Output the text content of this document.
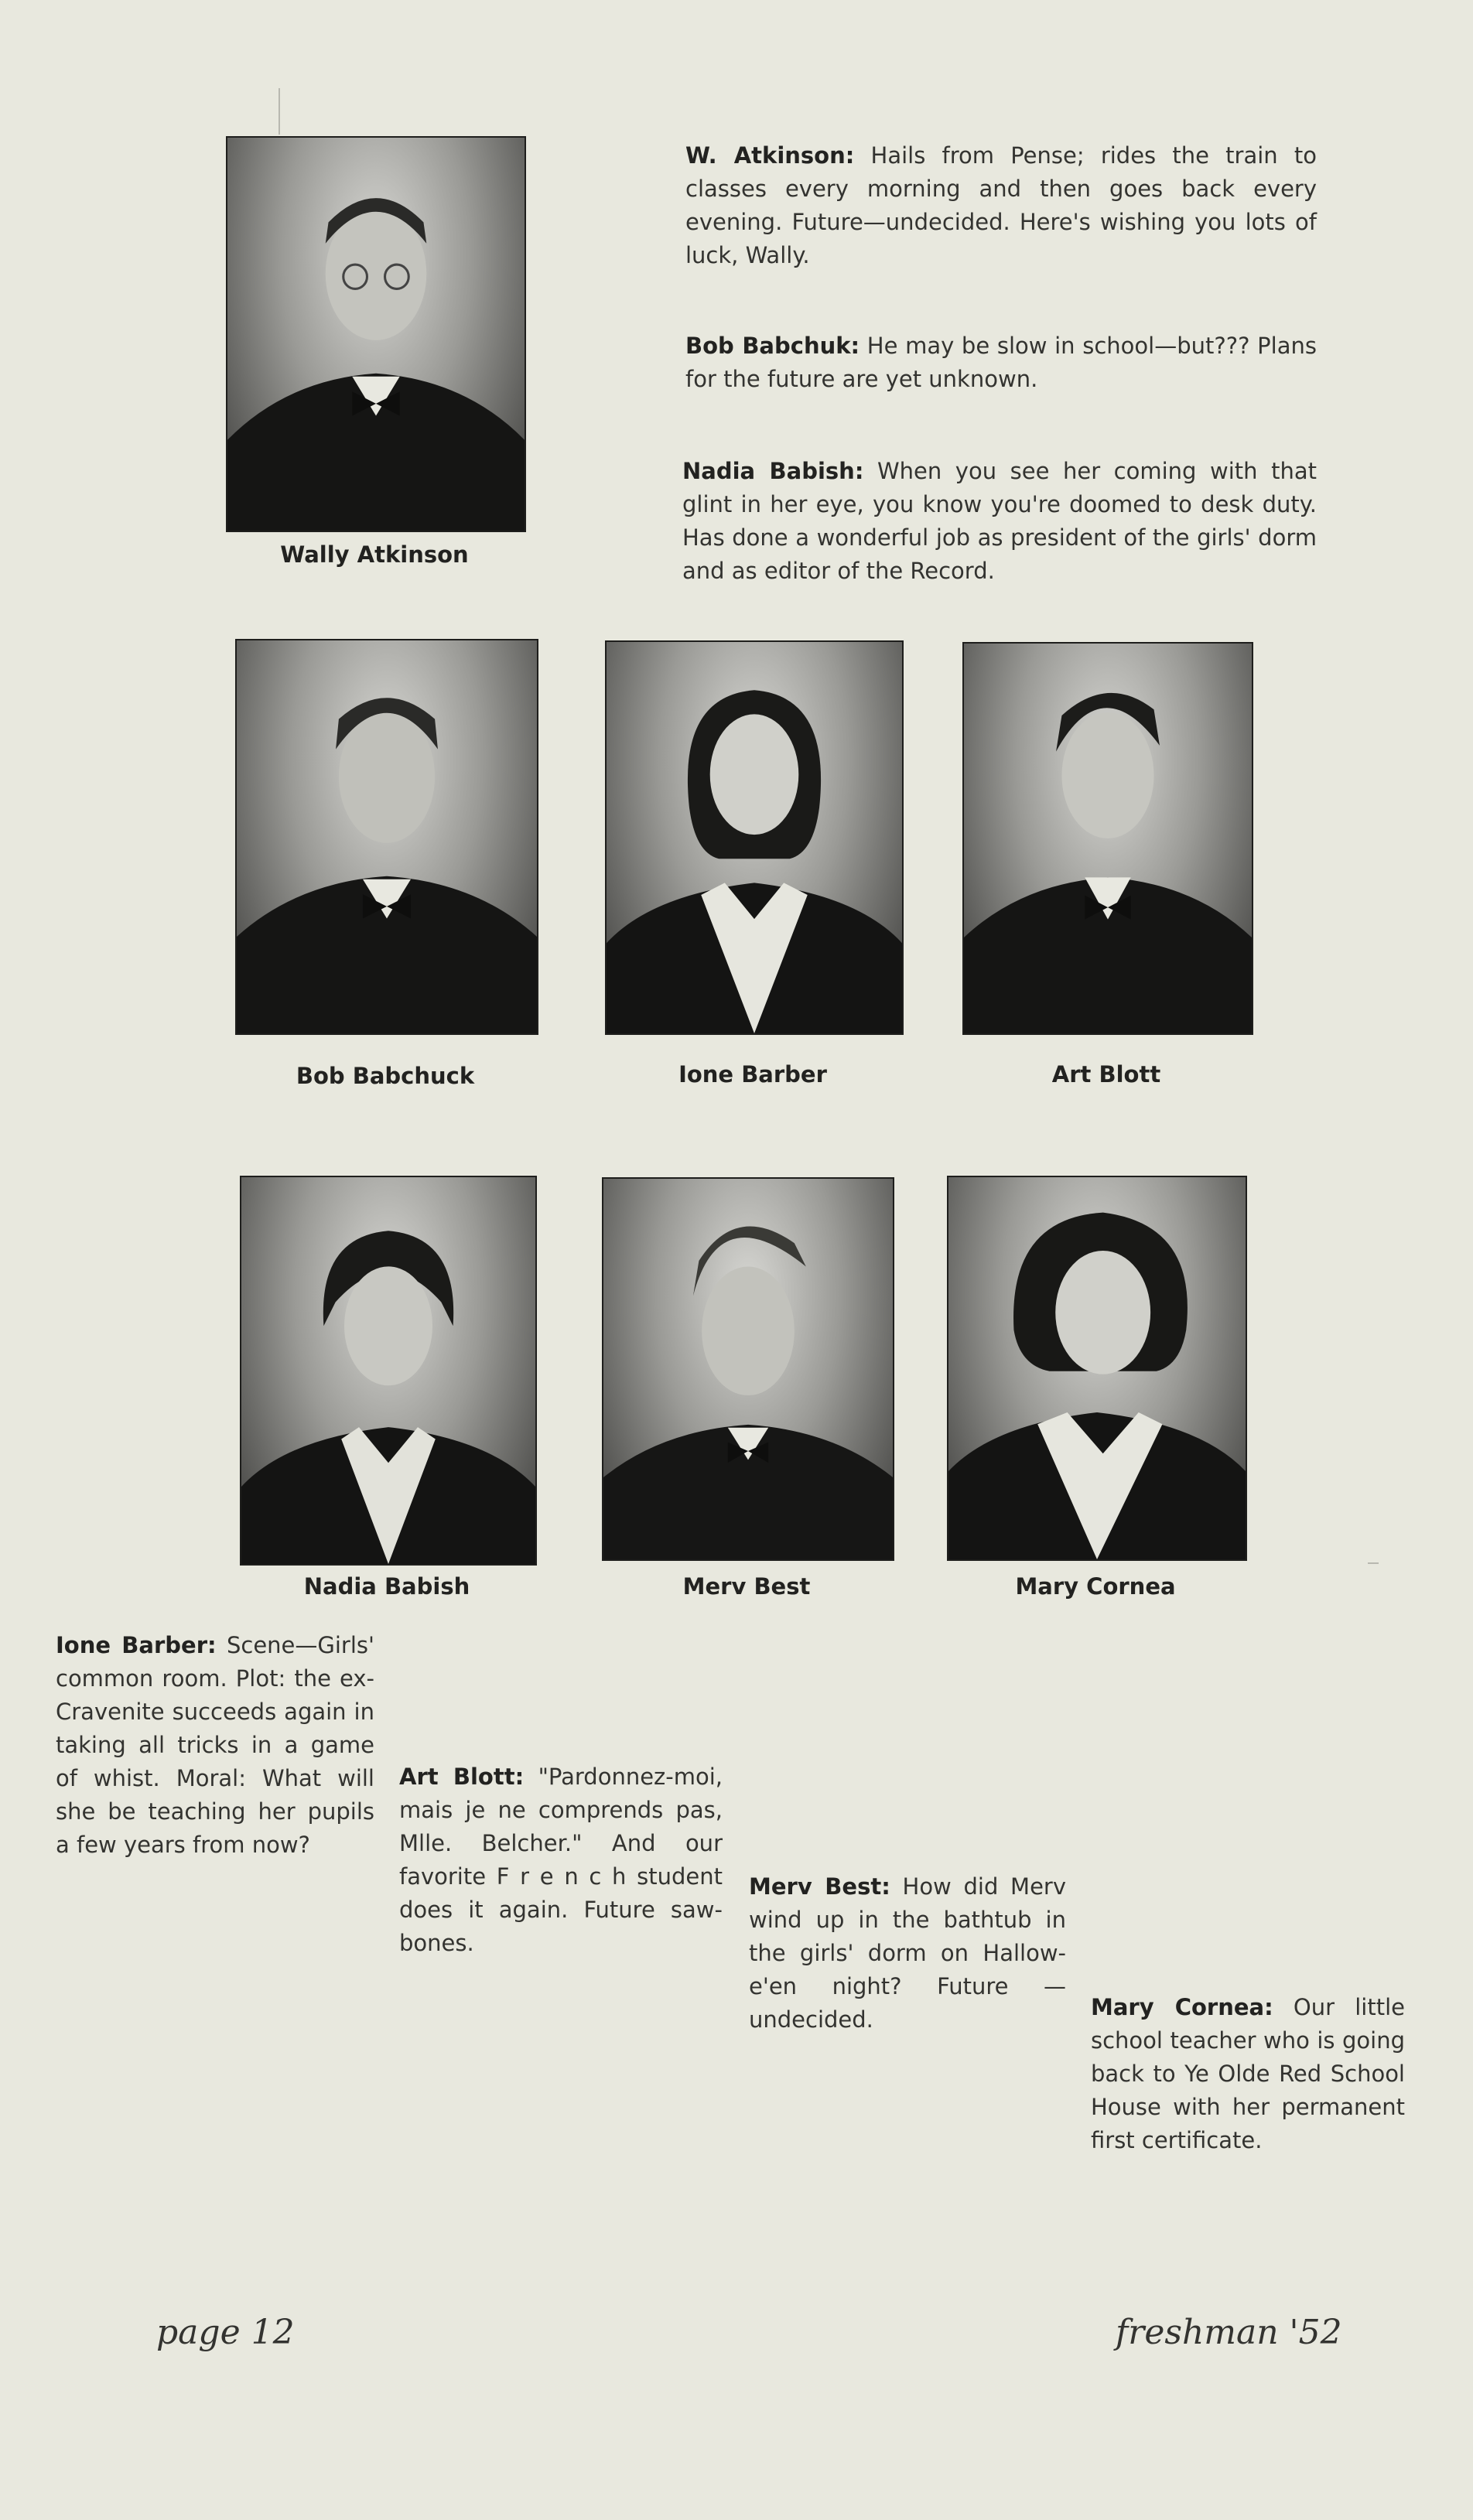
Wally Atkinson
W. Atkinson: Hails from Pense; rides the train to classes every morning and then goes back every evening. Future—undecided. Here's wishing you lots of luck, Wally.
Bob Babchuk: He may be slow in school—but??? Plans for the future are yet unknown.
Nadia Babish: When you see her coming with that glint in her eye, you know you're doomed to desk duty. Has done a wonderful job as president of the girls' dorm and as editor of the Record.
Bob Babchuck	Ione Barber	Art Blott
Nadia Babish	Merv Best	Mary Cornea
Ione Barber: Scene—Girls' common room. Plot: the ex-Cravenite succeeds again in taking all tricks in a game of whist. Moral: What will she be teaching her pupils a few years from now?
Art Blott: "Pardonnez-moi, mais je ne comprends pas, Mlle. Belcher." And our favorite F r e n c h student does it again. Future saw-bones.
Merv Best: How did Merv wind up in the bathtub in the girls' dorm on Hallow-e'en night? Future — undecided.	Mary Cornea: Our little school teacher who is going back to Ye Olde Red School House with her permanent first certificate.
page 12	freshman '52
